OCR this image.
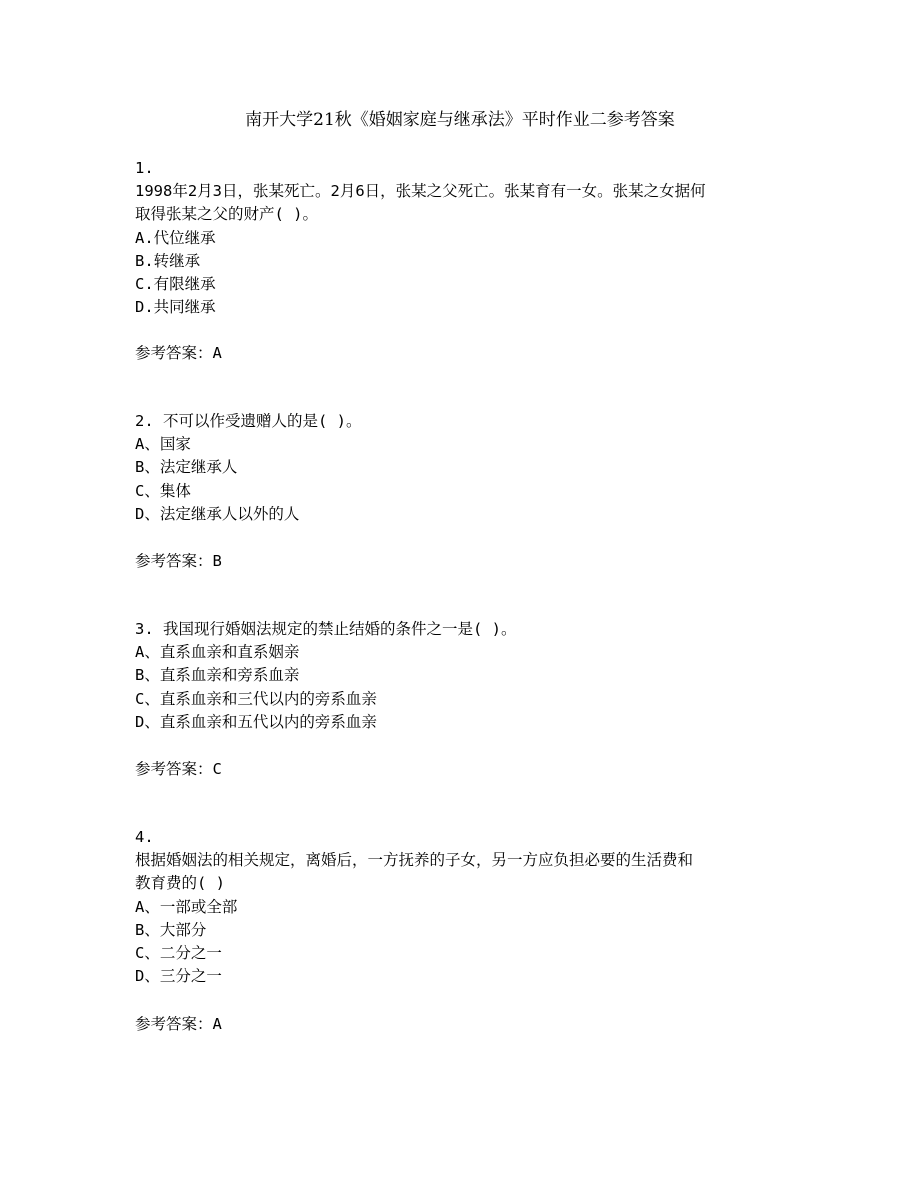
南开大学21秋《婚姻家庭与继承法》平时作业二参考答案
1.
1998年2月3日，张某死亡。2月6日，张某之父死亡。张某育有一女。张某之女据何
取得张某之父的财产( )。
A.代位继承
B.转继承
C.有限继承
D.共同继承
参考答案：A
2. 不可以作受遗赠人的是( )。
A、国家
B、法定继承人
C、集体
D、法定继承人以外的人
参考答案：B
3. 我国现行婚姻法规定的禁止结婚的条件之一是( )。
A、直系血亲和直系姻亲
B、直系血亲和旁系血亲
C、直系血亲和三代以内的旁系血亲
D、直系血亲和五代以内的旁系血亲
参考答案：C
4.
根据婚姻法的相关规定，离婚后，一方抚养的子女，另一方应负担必要的生活费和
教育费的( )
A、一部或全部
B、大部分
C、二分之一
D、三分之一
参考答案：A
